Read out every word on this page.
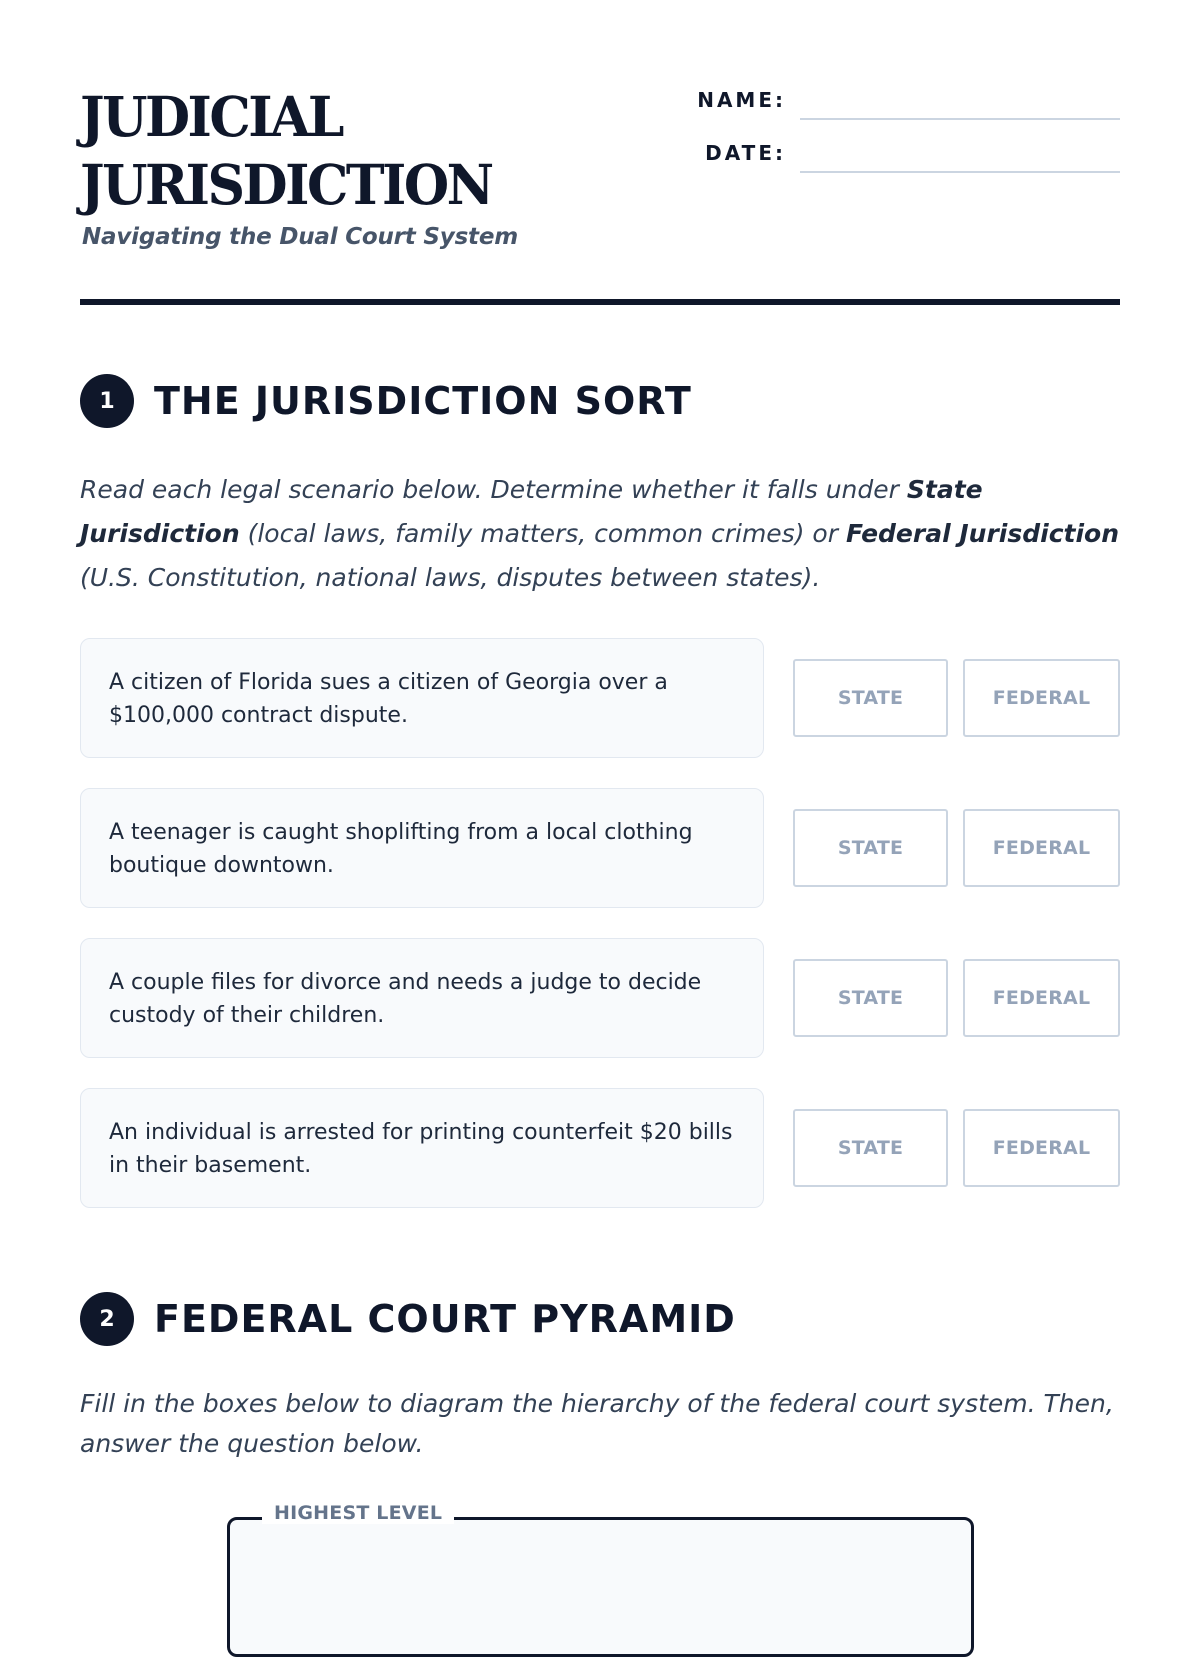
JUDICIAL
JURISDICTION
Navigating the Dual Court System
NAME:
DATE:
1	THE JURISDICTION SORT

Read each legal scenario below. Determine whether it falls under State Jurisdiction (local laws, family matters, common crimes) or Federal Jurisdiction (U.S. Constitution, national laws, disputes between states).

A citizen of Florida sues a citizen of Georgia over a $100,000 contract dispute.
STATE	FEDERAL
A teenager is caught shoplifting from a local clothing boutique downtown.
STATE	FEDERAL
A couple files for divorce and needs a judge to decide custody of their children.
STATE	FEDERAL
An individual is arrested for printing counterfeit $20 bills in their basement.
STATE	FEDERAL
2	FEDERAL COURT PYRAMID

Fill in the boxes below to diagram the hierarchy of the federal court system. Then, answer the question below.

HIGHEST LEVEL
